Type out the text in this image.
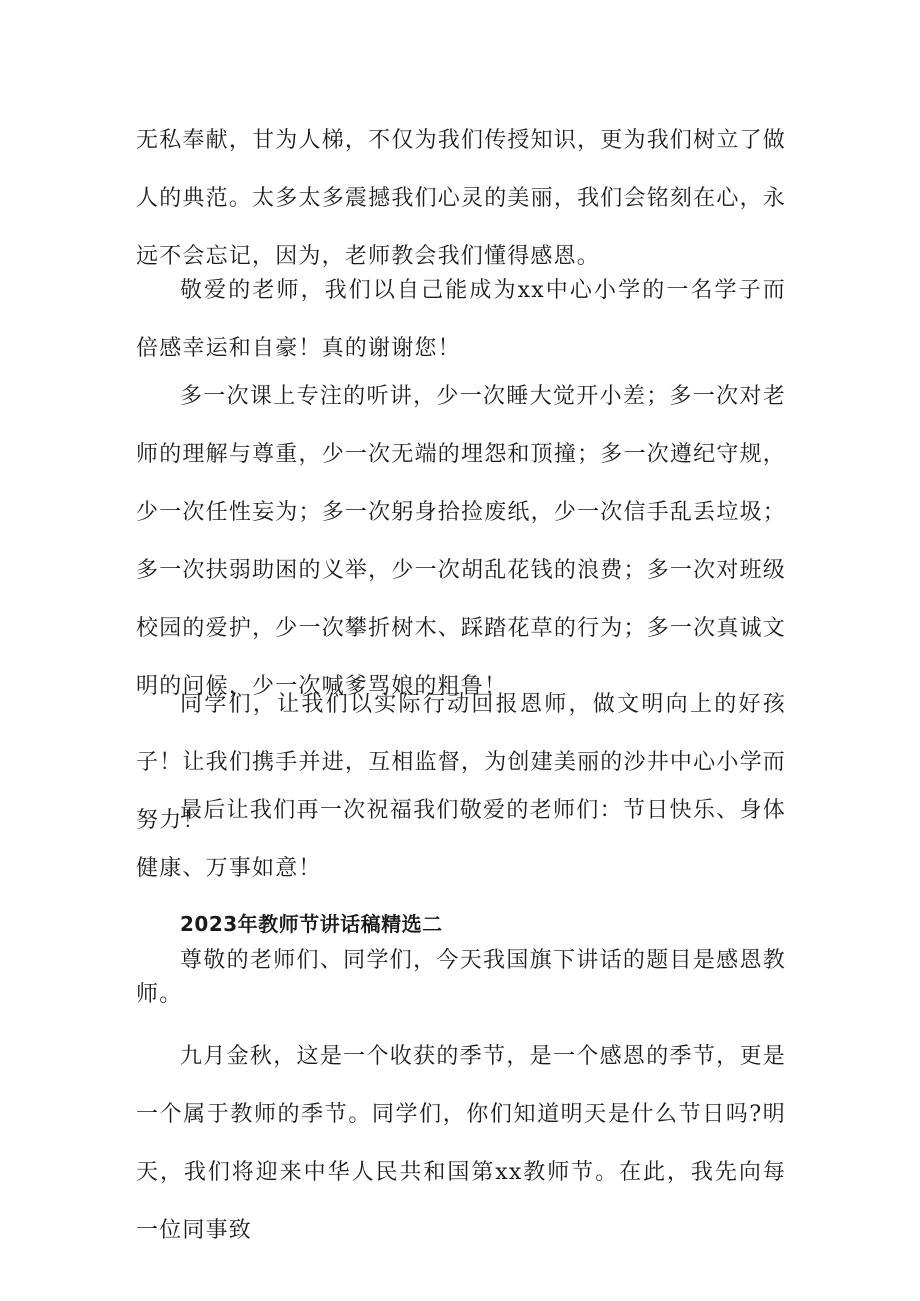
无私奉献，甘为人梯，不仅为我们传授知识，更为我们树立了做人的典范。太多太多震撼我们心灵的美丽，我们会铭刻在心，永远不会忘记，因为，老师教会我们懂得感恩。

敬爱的老师，我们以自己能成为xx中心小学的一名学子而倍感幸运和自豪！真的谢谢您！

多一次课上专注的听讲，少一次睡大觉开小差；多一次对老师的理解与尊重，少一次无端的埋怨和顶撞；多一次遵纪守规，少一次任性妄为；多一次躬身拾捡废纸，少一次信手乱丢垃圾；多一次扶弱助困的义举，少一次胡乱花钱的浪费；多一次对班级校园的爱护，少一次攀折树木、踩踏花草的行为；多一次真诚文明的问候，少一次喊爹骂娘的粗鲁！

同学们，让我们以实际行动回报恩师，做文明向上的好孩子！让我们携手并进，互相监督，为创建美丽的沙井中心小学而努力！

最后让我们再一次祝福我们敬爱的老师们：节日快乐、身体健康、万事如意！

2023年教师节讲话稿精选二

尊敬的老师们、同学们，今天我国旗下讲话的题目是感恩教师。

九月金秋，这是一个收获的季节，是一个感恩的季节，更是一个属于教师的季节。同学们，你们知道明天是什么节日吗?明天，我们将迎来中华人民共和国第xx教师节。在此，我先向每一位同事致
